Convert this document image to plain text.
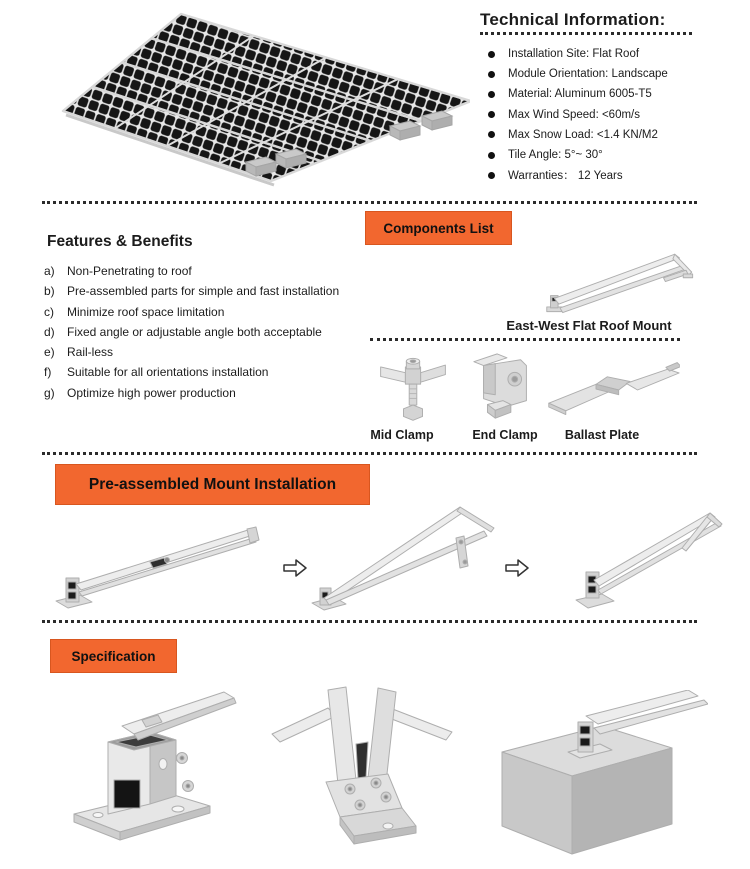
Technical Information:
Installation Site: Flat Roof
Module Orientation: Landscape
Material: Aluminum 6005-T5
Max Wind Speed: <60m/s
Max Snow Load: <1.4 KN/M2
Tile Angle: 5°~ 30°
Warranties： 12 Years
Features & Benefits
a)	Non-Penetrating to roof
b)	Pre-assembled parts for simple and fast installation
c)	Minimize roof space limitation
d)	Fixed angle or adjustable angle both acceptable
e)	Rail-less
f)	Suitable for all orientations installation
g)	Optimize high power production
Components List
East-West Flat Roof Mount
Mid Clamp	End Clamp	Ballast Plate
Pre-assembled Mount Installation
Specification
